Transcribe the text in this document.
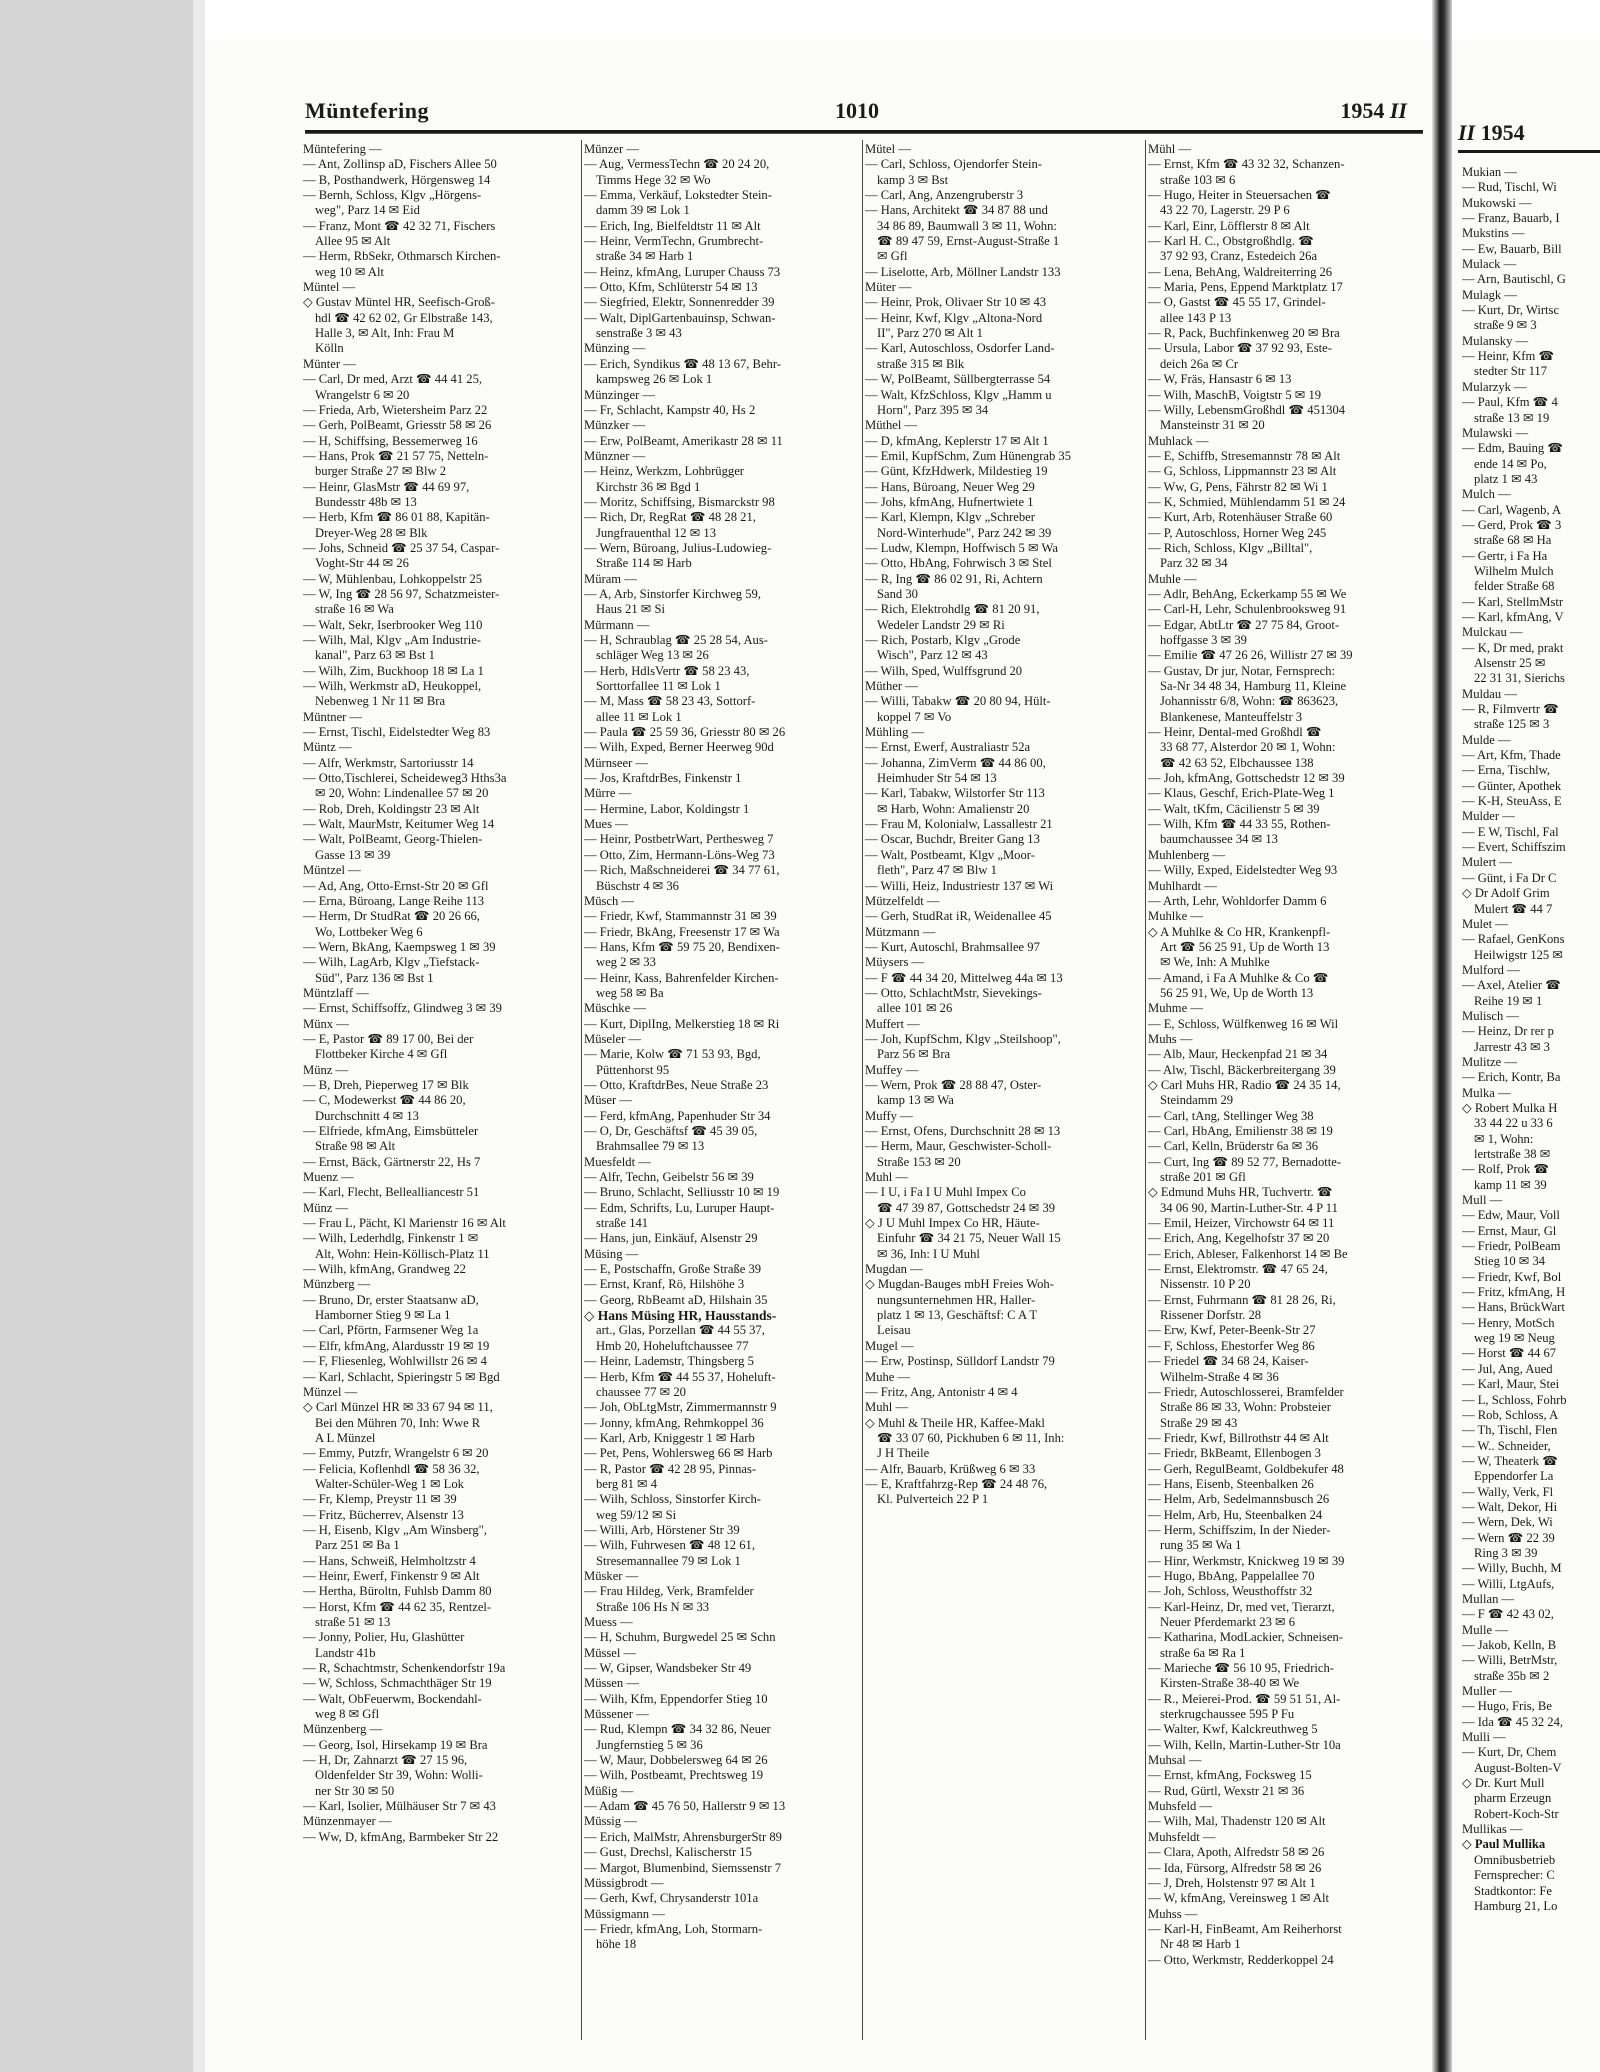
Müntefering	1010	1954 II
Müntefering —
— Ant, Zollinsp aD, Fischers Allee 50
— B, Posthandwerk, Hörgensweg 14
— Bernh, Schloss, Klgv „Hörgens-
weg", Parz 14 ✉ Eid
— Franz, Mont ☎ 42 32 71, Fischers
Allee 95 ✉ Alt
— Herm, RbSekr, Othmarsch Kirchen-
weg 10 ✉ Alt
Müntel —
◇ Gustav Müntel HR, Seefisch-Groß-
hdl ☎ 42 62 02, Gr Elbstraße 143,
Halle 3, ✉ Alt, Inh: Frau M
Kölln
Münter —
— Carl, Dr med, Arzt ☎ 44 41 25,
Wrangelstr 6 ✉ 20
— Frieda, Arb, Wietersheim Parz 22
— Gerh, PolBeamt, Griesstr 58 ✉ 26
— H, Schiffsing, Bessemerweg 16
— Hans, Prok ☎ 21 57 75, Netteln-
burger Straße 27 ✉ Blw 2
— Heinr, GlasMstr ☎ 44 69 97,
Bundesstr 48b ✉ 13
— Herb, Kfm ☎ 86 01 88, Kapitän-
Dreyer-Weg 28 ✉ Blk
— Johs, Schneid ☎ 25 37 54, Caspar-
Voght-Str 44 ✉ 26
— W, Mühlenbau, Lohkoppelstr 25
— W, Ing ☎ 28 56 97, Schatzmeister-
straße 16 ✉ Wa
— Walt, Sekr, Iserbrooker Weg 110
— Wilh, Mal, Klgv „Am Industrie-
kanal", Parz 63 ✉ Bst 1
— Wilh, Zim, Buckhoop 18 ✉ La 1
— Wilh, Werkmstr aD, Heukoppel,
Nebenweg 1 Nr 11 ✉ Bra
Müntner —
— Ernst, Tischl, Eidelstedter Weg 83
Müntz —
— Alfr, Werkmstr, Sartoriusstr 14
— Otto,Tischlerei, Scheideweg3 Hths3a
✉ 20, Wohn: Lindenallee 57 ✉ 20
— Rob, Dreh, Koldingstr 23 ✉ Alt
— Walt, MaurMstr, Keitumer Weg 14
— Walt, PolBeamt, Georg-Thielen-
Gasse 13 ✉ 39
Müntzel —
— Ad, Ang, Otto-Ernst-Str 20 ✉ Gfl
— Erna, Büroang, Lange Reihe 113
— Herm, Dr StudRat ☎ 20 26 66,
Wo, Lottbeker Weg 6
— Wern, BkAng, Kaempsweg 1 ✉ 39
— Wilh, LagArb, Klgv „Tiefstack-
Süd", Parz 136 ✉ Bst 1
Müntzlaff —
— Ernst, Schiffsoffz, Glindweg 3 ✉ 39
Münx —
— E, Pastor ☎ 89 17 00, Bei der
Flottbeker Kirche 4 ✉ Gfl
Münz —
— B, Dreh, Pieperweg 17 ✉ Blk
— C, Modewerkst ☎ 44 86 20,
Durchschnitt 4 ✉ 13
— Elfriede, kfmAng, Eimsbütteler
Straße 98 ✉ Alt
— Ernst, Bäck, Gärtnerstr 22, Hs 7
Muenz —
— Karl, Flecht, Bellealliancestr 51
Münz —
— Frau L, Pächt, Kl Marienstr 16 ✉ Alt
— Wilh, Lederhdlg, Finkenstr 1 ✉
Alt, Wohn: Hein-Köllisch-Platz 11
— Wilh, kfmAng, Grandweg 22
Münzberg —
— Bruno, Dr, erster Staatsanw aD,
Hamborner Stieg 9 ✉ La 1
— Carl, Pförtn, Farmsener Weg 1a
— Elfr, kfmAng, Alardusstr 19 ✉ 19
— F, Fliesenleg, Wohlwillstr 26 ✉ 4
— Karl, Schlacht, Spieringstr 5 ✉ Bgd
Münzel —
◇ Carl Münzel HR ✉ 33 67 94 ✉ 11,
Bei den Mühren 70, Inh: Wwe R
A L Münzel
— Emmy, Putzfr, Wrangelstr 6 ✉ 20
— Felicia, Koflenhdl ☎ 58 36 32,
Walter-Schüler-Weg 1 ✉ Lok
— Fr, Klemp, Preystr 11 ✉ 39
— Fritz, Bücherrev, Alsenstr 13
— H, Eisenb, Klgv „Am Winsberg",
Parz 251 ✉ Ba 1
— Hans, Schweiß, Helmholtzstr 4
— Heinr, Ewerf, Finkenstr 9 ✉ Alt
— Hertha, Büroltn, Fuhlsb Damm 80
— Horst, Kfm ☎ 44 62 35, Rentzel-
straße 51 ✉ 13
— Jonny, Polier, Hu, Glashütter
Landstr 41b
— R, Schachtmstr, Schenkendorfstr 19a
— W, Schloss, Schmachthäger Str 19
— Walt, ObFeuerwm, Bockendahl-
weg 8 ✉ Gfl
Münzenberg —
— Georg, Isol, Hirsekamp 19 ✉ Bra
— H, Dr, Zahnarzt ☎ 27 15 96,
Oldenfelder Str 39, Wohn: Wolli-
ner Str 30 ✉ 50
— Karl, Isolier, Mülhäuser Str 7 ✉ 43
Münzenmayer —
— Ww, D, kfmAng, Barmbeker Str 22
Münzer —
— Aug, VermessTechn ☎ 20 24 20,
Timms Hege 32 ✉ Wo
— Emma, Verkäuf, Lokstedter Stein-
damm 39 ✉ Lok 1
— Erich, Ing, Bielfeldtstr 11 ✉ Alt
— Heinr, VermTechn, Grumbrecht-
straße 34 ✉ Harb 1
— Heinz, kfmAng, Luruper Chauss 73
— Otto, Kfm, Schlüterstr 54 ✉ 13
— Siegfried, Elektr, Sonnenredder 39
— Walt, DiplGartenbauinsp, Schwan-
senstraße 3 ✉ 43
Münzing —
— Erich, Syndikus ☎ 48 13 67, Behr-
kampsweg 26 ✉ Lok 1
Münzinger —
— Fr, Schlacht, Kampstr 40, Hs 2
Münzker —
— Erw, PolBeamt, Amerikastr 28 ✉ 11
Münzner —
— Heinz, Werkzm, Lohbrügger
Kirchstr 36 ✉ Bgd 1
— Moritz, Schiffsing, Bismarckstr 98
— Rich, Dr, RegRat ☎ 48 28 21,
Jungfrauenthal 12 ✉ 13
— Wern, Büroang, Julius-Ludowieg-
Straße 114 ✉ Harb
Müram —
— A, Arb, Sinstorfer Kirchweg 59,
Haus 21 ✉ Si
Mürmann —
— H, Schraublag ☎ 25 28 54, Aus-
schläger Weg 13 ✉ 26
— Herb, HdlsVertr ☎ 58 23 43,
Sorttorfallee 11 ✉ Lok 1
— M, Mass ☎ 58 23 43, Sottorf-
allee 11 ✉ Lok 1
— Paula ☎ 25 59 36, Griesstr 80 ✉ 26
— Wilh, Exped, Berner Heerweg 90d
Mürnseer —
— Jos, KraftdrBes, Finkenstr 1
Mürre —
— Hermine, Labor, Koldingstr 1
Mues —
— Heinr, PostbetrWart, Perthesweg 7
— Otto, Zim, Hermann-Löns-Weg 73
— Rich, Maßschneiderei ☎ 34 77 61,
Büschstr 4 ✉ 36
Müsch —
— Friedr, Kwf, Stammannstr 31 ✉ 39
— Friedr, BkAng, Freesenstr 17 ✉ Wa
— Hans, Kfm ☎ 59 75 20, Bendixen-
weg 2 ✉ 33
— Heinr, Kass, Bahrenfelder Kirchen-
weg 58 ✉ Ba
Müschke —
— Kurt, DiplIng, Melkerstieg 18 ✉ Ri
Müseler —
— Marie, Kolw ☎ 71 53 93, Bgd,
Püttenhorst 95
— Otto, KraftdrBes, Neue Straße 23
Müser —
— Ferd, kfmAng, Papenhuder Str 34
— O, Dr, Geschäftsf ☎ 45 39 05,
Brahmsallee 79 ✉ 13
Muesfeldt —
— Alfr, Techn, Geibelstr 56 ✉ 39
— Bruno, Schlacht, Selliusstr 10 ✉ 19
— Edm, Schrifts, Lu, Luruper Haupt-
straße 141
— Hans, jun, Einkäuf, Alsenstr 29
Müsing —
— E, Postschaffn, Große Straße 39
— Ernst, Kranf, Rö, Hilshöhe 3
— Georg, RbBeamt aD, Hilshain 35
◇ Hans Müsing HR, Hausstands-
art., Glas, Porzellan ☎ 44 55 37,
Hmb 20, Hoheluftchaussee 77
— Heinr, Lademstr, Thingsberg 5
— Herb, Kfm ☎ 44 55 37, Hoheluft-
chaussee 77 ✉ 20
— Joh, ObLtgMstr, Zimmermannstr 9
— Jonny, kfmAng, Rehmkoppel 36
— Karl, Arb, Kniggestr 1 ✉ Harb
— Pet, Pens, Wohlersweg 66 ✉ Harb
— R, Pastor ☎ 42 28 95, Pinnas-
berg 81 ✉ 4
— Wilh, Schloss, Sinstorfer Kirch-
weg 59/12 ✉ Si
— Willi, Arb, Hörstener Str 39
— Wilh, Fuhrwesen ☎ 48 12 61,
Stresemannallee 79 ✉ Lok 1
Müsker —
— Frau Hildeg, Verk, Bramfelder
Straße 106 Hs N ✉ 33
Muess —
— H, Schuhm, Burgwedel 25 ✉ Schn
Müssel —
— W, Gipser, Wandsbeker Str 49
Müssen —
— Wilh, Kfm, Eppendorfer Stieg 10
Müssener —
— Rud, Klempn ☎ 34 32 86, Neuer
Jungfernstieg 5 ✉ 36
— W, Maur, Dobbelersweg 64 ✉ 26
— Wilh, Postbeamt, Prechtsweg 19
Müßig —
— Adam ☎ 45 76 50, Hallerstr 9 ✉ 13
Müssig —
— Erich, MalMstr, AhrensburgerStr 89
— Gust, Drechsl, Kalischerstr 15
— Margot, Blumenbind, Siemssenstr 7
Müssigbrodt —
— Gerh, Kwf, Chrysanderstr 101a
Müssigmann —
— Friedr, kfmAng, Loh, Stormarn-
höhe 18
Mütel —
— Carl, Schloss, Ojendorfer Stein-
kamp 3 ✉ Bst
— Carl, Ang, Anzengruberstr 3
— Hans, Architekt ☎ 34 87 88 und
34 86 89, Baumwall 3 ✉ 11, Wohn:
☎ 89 47 59, Ernst-August-Straße 1
✉ Gfl
— Liselotte, Arb, Möllner Landstr 133
Müter —
— Heinr, Prok, Olivaer Str 10 ✉ 43
— Heinr, Kwf, Klgv „Altona-Nord
II", Parz 270 ✉ Alt 1
— Karl, Autoschloss, Osdorfer Land-
straße 315 ✉ Blk
— W, PolBeamt, Süllbergterrasse 54
— Walt, KfzSchloss, Klgv „Hamm u
Horn", Parz 395 ✉ 34
Müthel —
— D, kfmAng, Keplerstr 17 ✉ Alt 1
— Emil, KupfSchm, Zum Hünengrab 35
— Günt, KfzHdwerk, Mildestieg 19
— Hans, Büroang, Neuer Weg 29
— Johs, kfmAng, Hufnertwiete 1
— Karl, Klempn, Klgv „Schreber
Nord-Winterhude", Parz 242 ✉ 39
— Ludw, Klempn, Hoffwisch 5 ✉ Wa
— Otto, HbAng, Fohrwisch 3 ✉ Stel
— R, Ing ☎ 86 02 91, Ri, Achtern
Sand 30
— Rich, Elektrohdlg ☎ 81 20 91,
Wedeler Landstr 29 ✉ Ri
— Rich, Postarb, Klgv „Grode
Wisch", Parz 12 ✉ 43
— Wilh, Sped, Wulffsgrund 20
Müther —
— Willi, Tabakw ☎ 20 80 94, Hült-
koppel 7 ✉ Vo
Mühling —
— Ernst, Ewerf, Australiastr 52a
— Johanna, ZimVerm ☎ 44 86 00,
Heimhuder Str 54 ✉ 13
— Karl, Tabakw, Wilstorfer Str 113
✉ Harb, Wohn: Amalienstr 20
— Frau M, Kolonialw, Lassallestr 21
— Oscar, Buchdr, Breiter Gang 13
— Walt, Postbeamt, Klgv „Moor-
fleth", Parz 47 ✉ Blw 1
— Willi, Heiz, Industriestr 137 ✉ Wi
Mützelfeldt —
— Gerh, StudRat iR, Weidenallee 45
Mützmann —
— Kurt, Autoschl, Brahmsallee 97
Müysers —
— F ☎ 44 34 20, Mittelweg 44a ✉ 13
— Otto, SchlachtMstr, Sievekings-
allee 101 ✉ 26
Muffert —
— Joh, KupfSchm, Klgv „Steilshoop",
Parz 56 ✉ Bra
Muffey —
— Wern, Prok ☎ 28 88 47, Oster-
kamp 13 ✉ Wa
Muffy —
— Ernst, Ofens, Durchschnitt 28 ✉ 13
— Herm, Maur, Geschwister-Scholl-
Straße 153 ✉ 20
Muhl —
— I U, i Fa I U Muhl Impex Co
☎ 47 39 87, Gottschedstr 24 ✉ 39
◇ J U Muhl Impex Co HR, Häute-
Einfuhr ☎ 34 21 75, Neuer Wall 15
✉ 36, Inh: I U Muhl
Mugdan —
◇ Mugdan-Bauges mbH Freies Woh-
nungsunternehmen HR, Haller-
platz 1 ✉ 13, Geschäftsf: C A T
Leisau
Mugel —
— Erw, Postinsp, Sülldorf Landstr 79
Muhe —
— Fritz, Ang, Antonistr 4 ✉ 4
Muhl —
◇ Muhl & Theile HR, Kaffee-Makl
☎ 33 07 60, Pickhuben 6 ✉ 11, Inh:
J H Theile
— Alfr, Bauarb, Krüßweg 6 ✉ 33
— E, Kraftfahrzg-Rep ☎ 24 48 76,
Kl. Pulverteich 22 P 1
Mühl —
— Ernst, Kfm ☎ 43 32 32, Schanzen-
straße 103 ✉ 6
— Hugo, Heiter in Steuersachen ☎
43 22 70, Lagerstr. 29 P 6
— Karl, Einr, Löfflerstr 8 ✉ Alt
— Karl H. C., Obstgroßhdlg. ☎
37 92 93, Cranz, Estedeich 26a
— Lena, BehAng, Waldreiterring 26
— Maria, Pens, Eppend Marktplatz 17
— O, Gastst ☎ 45 55 17, Grindel-
allee 143 P 13
— R, Pack, Buchfinkenweg 20 ✉ Bra
— Ursula, Labor ☎ 37 92 93, Este-
deich 26a ✉ Cr
— W, Fräs, Hansastr 6 ✉ 13
— Wilh, MaschB, Voigtstr 5 ✉ 19
— Willy, LebensmGroßhdl ☎ 451304
Mansteinstr 31 ✉ 20
Muhlack —
— E, Schiffb, Stresemannstr 78 ✉ Alt
— G, Schloss, Lippmannstr 23 ✉ Alt
— Ww, G, Pens, Fährstr 82 ✉ Wi 1
— K, Schmied, Mühlendamm 51 ✉ 24
— Kurt, Arb, Rotenhäuser Straße 60
— P, Autoschloss, Horner Weg 245
— Rich, Schloss, Klgv „Billtal",
Parz 32 ✉ 34
Muhle —
— Adlr, BehAng, Eckerkamp 55 ✉ We
— Carl-H, Lehr, Schulenbrooksweg 91
— Edgar, AbtLtr ☎ 27 75 84, Groot-
hoffgasse 3 ✉ 39
— Emilie ☎ 47 26 26, Willistr 27 ✉ 39
— Gustav, Dr jur, Notar, Fernsprech:
Sa-Nr 34 48 34, Hamburg 11, Kleine
Johannisstr 6/8, Wohn: ☎ 863623,
Blankenese, Manteuffelstr 3
— Heinr, Dental-med Großhdl ☎
33 68 77, Alsterdor 20 ✉ 1, Wohn:
☎ 42 63 52, Elbchaussee 138
— Joh, kfmAng, Gottschedstr 12 ✉ 39
— Klaus, Geschf, Erich-Plate-Weg 1
— Walt, tKfm, Cäcilienstr 5 ✉ 39
— Wilh, Kfm ☎ 44 33 55, Rothen-
baumchaussee 34 ✉ 13
Muhlenberg —
— Willy, Exped, Eidelstedter Weg 93
Muhlhardt —
— Arth, Lehr, Wohldorfer Damm 6
Muhlke —
◇ A Muhlke & Co HR, Krankenpfl-
Art ☎ 56 25 91, Up de Worth 13
✉ We, Inh: A Muhlke
— Amand, i Fa A Muhlke & Co ☎
56 25 91, We, Up de Worth 13
Muhme —
— E, Schloss, Wülfkenweg 16 ✉ Wil
Muhs —
— Alb, Maur, Heckenpfad 21 ✉ 34
— Alw, Tischl, Bäckerbreitergang 39
◇ Carl Muhs HR, Radio ☎ 24 35 14,
Steindamm 29
— Carl, tAng, Stellinger Weg 38
— Carl, HbAng, Emilienstr 38 ✉ 19
— Carl, Kelln, Brüderstr 6a ✉ 36
— Curt, Ing ☎ 89 52 77, Bernadotte-
straße 201 ✉ Gfl
◇ Edmund Muhs HR, Tuchvertr. ☎
34 06 90, Martin-Luther-Str. 4 P 11
— Emil, Heizer, Virchowstr 64 ✉ 11
— Erich, Ang, Kegelhofstr 37 ✉ 20
— Erich, Ableser, Falkenhorst 14 ✉ Be
— Ernst, Elektromstr. ☎ 47 65 24,
Nissenstr. 10 P 20
— Ernst, Fuhrmann ☎ 81 28 26, Ri,
Rissener Dorfstr. 28
— Erw, Kwf, Peter-Beenk-Str 27
— F, Schloss, Ehestorfer Weg 86
— Friedel ☎ 34 68 24, Kaiser-
Wilhelm-Straße 4 ✉ 36
— Friedr, Autoschlosserei, Bramfelder
Straße 86 ✉ 33, Wohn: Probsteier
Straße 29 ✉ 43
— Friedr, Kwf, Billrothstr 44 ✉ Alt
— Friedr, BkBeamt, Ellenbogen 3
— Gerh, RegulBeamt, Goldbekufer 48
— Hans, Eisenb, Steenbalken 26
— Helm, Arb, Sedelmannsbusch 26
— Helm, Arb, Hu, Steenbalken 24
— Herm, Schiffszim, In der Nieder-
rung 35 ✉ Wa 1
— Hinr, Werkmstr, Knickweg 19 ✉ 39
— Hugo, BbAng, Pappelallee 70
— Joh, Schloss, Weusthoffstr 32
— Karl-Heinz, Dr, med vet, Tierarzt,
Neuer Pferdemarkt 23 ✉ 6
— Katharina, ModLackier, Schneisen-
straße 6a ✉ Ra 1
— Marieche ☎ 56 10 95, Friedrich-
Kirsten-Straße 38-40 ✉ We
— R., Meierei-Prod. ☎ 59 51 51, Al-
sterkrugchaussee 595 P Fu
— Walter, Kwf, Kalckreuthweg 5
— Wilh, Kelln, Martin-Luther-Str 10a
Muhsal —
— Ernst, kfmAng, Focksweg 15
— Rud, Gürtl, Wexstr 21 ✉ 36
Muhsfeld —
— Wilh, Mal, Thadenstr 120 ✉ Alt
Muhsfeldt —
— Clara, Apoth, Alfredstr 58 ✉ 26
— Ida, Fürsorg, Alfredstr 58 ✉ 26
— J, Dreh, Holstenstr 97 ✉ Alt 1
— W, kfmAng, Vereinsweg 1 ✉ Alt
Muhss —
— Karl-H, FinBeamt, Am Reiherhorst
Nr 48 ✉ Harb 1
— Otto, Werkmstr, Redderkoppel 24
II 1954
Mukian —
— Rud, Tischl, Wi
Mukowski —
— Franz, Bauarb, I
Mukstins —
— Ew, Bauarb, Bill
Mulack —
— Arn, Bautischl, G
Mulagk —
— Kurt, Dr, Wirtsc
straße 9 ✉ 3
Mulansky —
— Heinr, Kfm ☎
stedter Str 117
Mularzyk —
— Paul, Kfm ☎ 4
straße 13 ✉ 19
Mulawski —
— Edm, Bauing ☎
ende 14 ✉ Po,
platz 1 ✉ 43
Mulch —
— Carl, Wagenb, A
— Gerd, Prok ☎ 3
straße 68 ✉ Ha
— Gertr, i Fa Ha
Wilhelm Mulch
felder Straße 68
— Karl, StellmMstr
— Karl, kfmAng, V
Mulckau —
— K, Dr med, prakt
Alsenstr 25 ✉
22 31 31, Sierichs
Muldau —
— R, Filmvertr ☎
straße 125 ✉ 3
Mulde —
— Art, Kfm, Thade
— Erna, Tischlw,
— Günter, Apothek
— K-H, SteuAss, E
Mulder —
— E W, Tischl, Fal
— Evert, Schiffszim
Mulert —
— Günt, i Fa Dr C
◇ Dr Adolf Grim
Mulert ☎ 44 7
Mulet —
— Rafael, GenKons
Heilwigstr 125 ✉
Mulford —
— Axel, Atelier ☎
Reihe 19 ✉ 1
Mulisch —
— Heinz, Dr rer p
Jarrestr 43 ✉ 3
Mulitze —
— Erich, Kontr, Ba
Mulka —
◇ Robert Mulka H
33 44 22 u 33 6
✉ 1, Wohn:
lertstraße 38 ✉
— Rolf, Prok ☎
kamp 11 ✉ 39
Mull —
— Edw, Maur, Voll
— Ernst, Maur, Gl
— Friedr, PolBeam
Stieg 10 ✉ 34
— Friedr, Kwf, Bol
— Fritz, kfmAng, H
— Hans, BrückWart
— Henry, MotSch
weg 19 ✉ Neug
— Horst ☎ 44 67
— Jul, Ang, Aued
— Karl, Maur, Stei
— L, Schloss, Fohrb
— Rob, Schloss, A
— Th, Tischl, Flen
— W.. Schneider,
— W, Theaterk ☎
Eppendorfer La
— Wally, Verk, Fl
— Walt, Dekor, Hi
— Wern, Dek, Wi
— Wern ☎ 22 39
Ring 3 ✉ 39
— Willy, Buchh, M
— Willi, LtgAufs,
Mullan —
— F ☎ 42 43 02,
Mulle —
— Jakob, Kelln, B
— Willi, BetrMstr,
straße 35b ✉ 2
Muller —
— Hugo, Fris, Be
— Ida ☎ 45 32 24,
Mulli —
— Kurt, Dr, Chem
August-Bolten-V
◇ Dr. Kurt Mull
pharm Erzeugn
Robert-Koch-Str
Mullikas —
◇ Paul Mullika
Omnibusbetrieb
Fernsprecher: C
Stadtkontor: Fe
Hamburg 21, Lo
